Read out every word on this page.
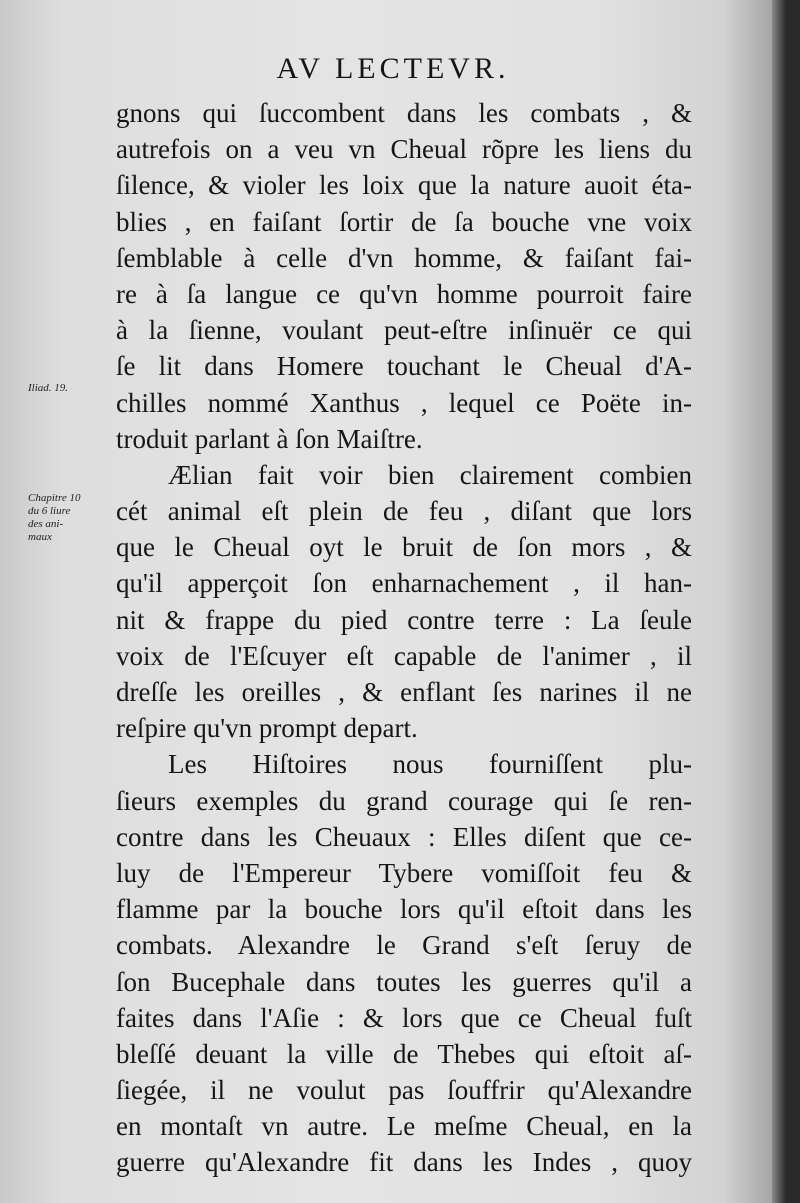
AV LECTEVR.
Iliad. 19.
Chapitre 10
du 6 liure
des ani-
maux
gnons qui ſuccombent dans les combats , &
autrefois on a veu vn Cheual rõpre les liens du
ſilence, & violer les loix que la nature auoit éta-
blies , en faiſant ſortir de ſa bouche vne voix
ſemblable à celle d'vn homme, & faiſant fai-
re à ſa langue ce qu'vn homme pourroit faire
à la ſienne, voulant peut-eſtre inſinuër ce qui
ſe lit dans Homere touchant le Cheual d'A-
chilles nommé Xanthus , lequel ce Poëte in-
troduit parlant à ſon Maiſtre.
Ælian fait voir bien clairement combien
cét animal eſt plein de feu , diſant que lors
que le Cheual oyt le bruit de ſon mors , &
qu'il apperçoit ſon enharnachement , il han-
nit & frappe du pied contre terre : La ſeule
voix de l'Eſcuyer eſt capable de l'animer , il
dreſſe les oreilles , & enflant ſes narines il ne
reſpire qu'vn prompt depart.
Les Hiſtoires nous fourniſſent plu-
ſieurs exemples du grand courage qui ſe ren-
contre dans les Cheuaux : Elles diſent que ce-
luy de l'Empereur Tybere vomiſſoit feu &
flamme par la bouche lors qu'il eſtoit dans les
combats. Alexandre le Grand s'eſt ſeruy de
ſon Bucephale dans toutes les guerres qu'il a
faites dans l'Aſie : & lors que ce Cheual fuſt
bleſſé deuant la ville de Thebes qui eſtoit aſ-
ſiegée, il ne voulut pas ſouffrir qu'Alexandre
en montaſt vn autre. Le meſme Cheual, en la
guerre qu'Alexandre fit dans les Indes , quoy
